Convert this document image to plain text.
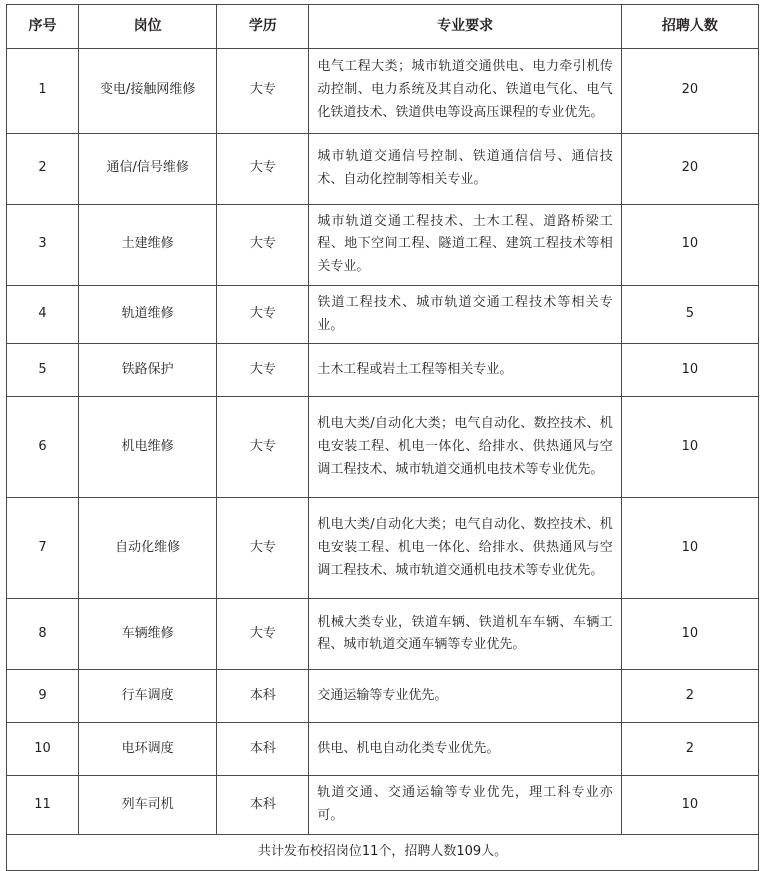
序号	岗位	学历	专业要求	招聘人数
1	变电/接触网维修	大专	电气工程大类；城市轨道交通供电、电力牵引机传动控制、电力系统及其自动化、铁道电气化、电气化铁道技术、铁道供电等设高压课程的专业优先。	20
2	通信/信号维修	大专	城市轨道交通信号控制、铁道通信信号、通信技术、自动化控制等相关专业。	20
3	土建维修	大专	城市轨道交通工程技术、土木工程、道路桥梁工程、地下空间工程、隧道工程、建筑工程技术等相关专业。	10
4	轨道维修	大专	铁道工程技术、城市轨道交通工程技术等相关专业。	5
5	铁路保护	大专	土木工程或岩土工程等相关专业。	10
6	机电维修	大专	机电大类/自动化大类；电气自动化、数控技术、机电安装工程、机电一体化、给排水、供热通风与空调工程技术、城市轨道交通机电技术等专业优先。	10
7	自动化维修	大专	机电大类/自动化大类；电气自动化、数控技术、机电安装工程、机电一体化、给排水、供热通风与空调工程技术、城市轨道交通机电技术等专业优先。	10
8	车辆维修	大专	机械大类专业，铁道车辆、铁道机车车辆、车辆工程、城市轨道交通车辆等专业优先。	10
9	行车调度	本科	交通运输等专业优先。	2
10	电环调度	本科	供电、机电自动化类专业优先。	2
11	列车司机	本科	轨道交通、交通运输等专业优先，理工科专业亦可。	10
共计发布校招岗位11个，招聘人数109人。				
